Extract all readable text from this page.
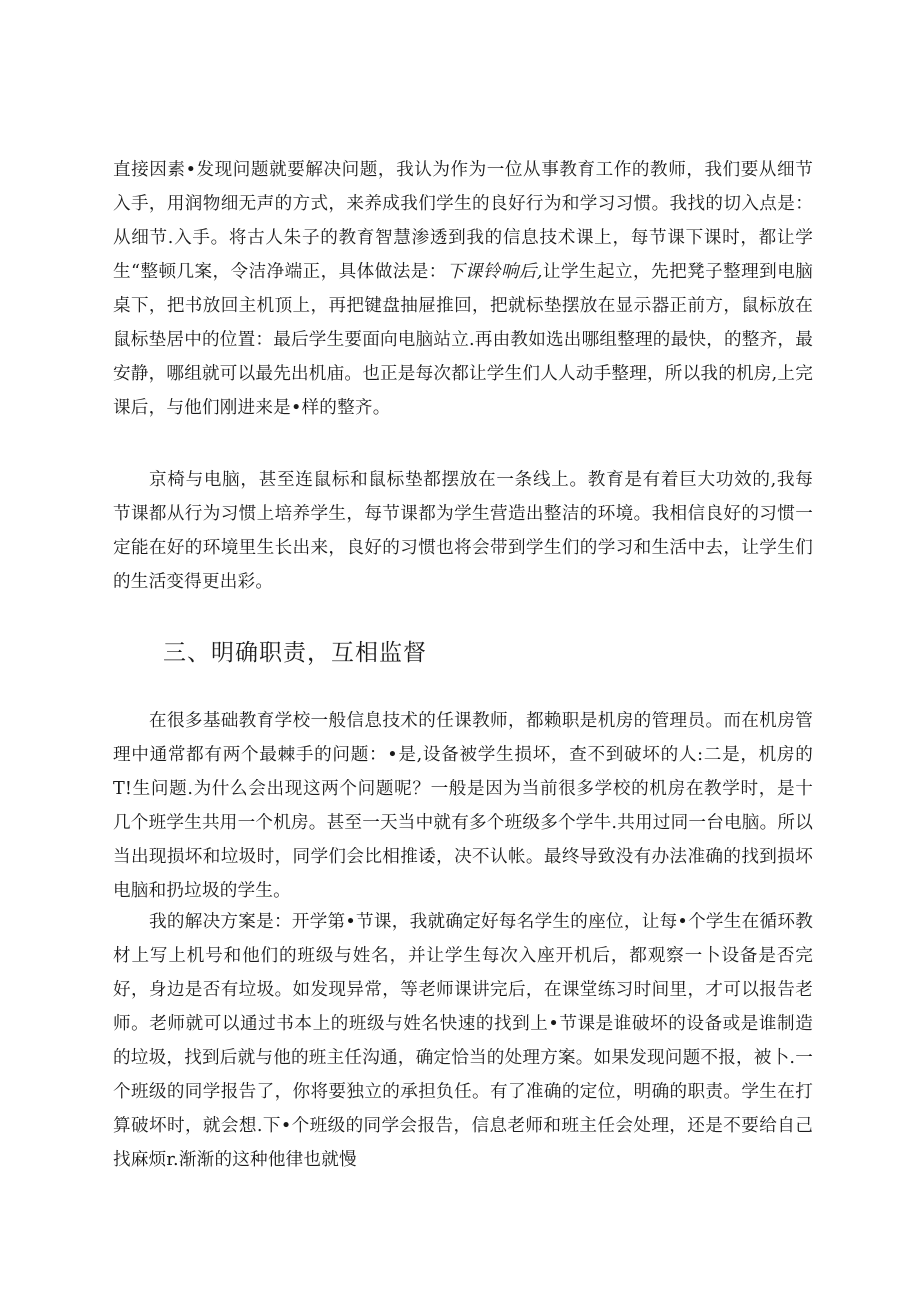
直接因素•发现问题就要解决问题，我认为作为一位从事教育工作的教师，我们要从细节入手，用润物细无声的方式，来养成我们学生的良好行为和学习习惯。我找的切入点是：从细节.入手。将古人朱子的教育智慧渗透到我的信息技术课上，每节课下课时，都让学生“整顿几案，令洁净端正，具体做法是：下课铃响后,让学生起立，先把凳子整理到电脑桌下，把书放回主机顶上，再把键盘抽屉推回，把就标垫摆放在显示器正前方，鼠标放在鼠标垫居中的位置：最后学生要面向电脑站立.再由教如选出哪组整理的最快，的整齐，最安静，哪组就可以最先出机庙。也正是每次都让学生们人人动手整理，所以我的机房,上完课后，与他们刚进来是•样的整齐。

京椅与电脑，甚至连鼠标和鼠标垫都摆放在一条线上。教育是有着巨大功效的,我每节课都从行为习惯上培养学生，每节课都为学生营造出整洁的环境。我相信良好的习惯一定能在好的环境里生长出来，良好的习惯也将会带到学生们的学习和生活中去，让学生们的生活变得更出彩。

三、明确职责，互相监督

在很多基础教育学校一般信息技术的任课教师，都赖职是机房的管理员。而在机房管理中通常都有两个最棘手的问题：•是,设备被学生损坏，查不到破坏的人:二是，机房的T!生问题.为什么会出现这两个问题呢？一般是因为当前很多学校的机房在教学时，是十几个班学生共用一个机房。甚至一天当中就有多个班级多个学牛.共用过同一台电脑。所以当出现损坏和垃圾时，同学们会比相推诿，决不认帐。最终导致没有办法准确的找到损坏电脑和扔垃圾的学生。

我的解决方案是：开学第•节课，我就确定好每名学生的座位，让每•个学生在循环教材上写上机号和他们的班级与姓名，并让学生每次入座开机后，都观察一卜设备是否完好，身边是否有垃圾。如发现异常，等老师课讲完后，在课堂练习时间里，才可以报告老师。老师就可以通过书本上的班级与姓名快速的找到上•节课是谁破坏的设备或是谁制造的垃圾，找到后就与他的班主任沟通，确定恰当的处理方案。如果发现问题不报，被卜.一个班级的同学报告了，你将要独立的承担负任。有了准确的定位，明确的职责。学生在打算破坏时，就会想.下•个班级的同学会报告，信息老师和班主任会处理，还是不要给自己找麻烦r.渐渐的这种他律也就慢
